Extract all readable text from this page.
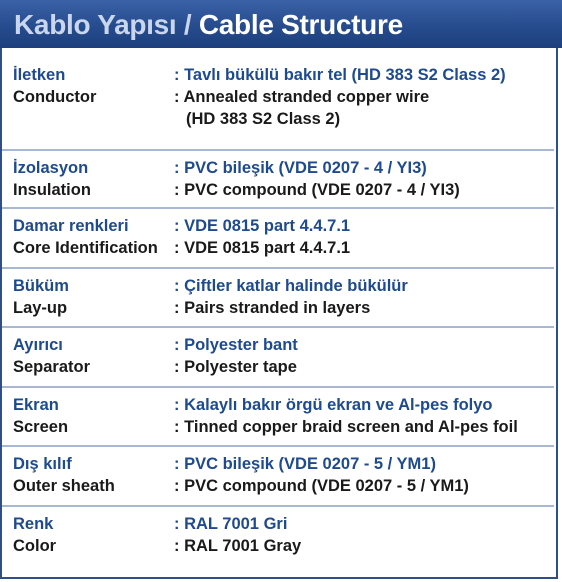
Kablo Yapısı / Cable Structure
İletken	: Tavlı bükülü bakır tel (HD 383 S2 Class 2)
Conductor	: Annealed stranded copper wire
(HD 383 S2 Class 2)
İzolasyon	: PVC bileşik (VDE 0207 - 4 / YI3)
Insulation	: PVC compound (VDE 0207 - 4 / YI3)
Damar renkleri	: VDE 0815 part 4.4.7.1
Core Identification : VDE 0815 part 4.4.7.1
Büküm	: Çiftler katlar halinde bükülür
Lay-up	: Pairs stranded in layers
Ayırıcı	: Polyester bant
Separator	: Polyester tape
Ekran	: Kalaylı bakır örgü ekran ve Al-pes folyo
Screen	: Tinned copper braid screen and Al-pes foil
Dış kılıf	: PVC bileşik (VDE 0207 - 5 / YM1)
Outer sheath	: PVC compound (VDE 0207 - 5 / YM1)
Renk	: RAL 7001 Gri
Color	: RAL 7001 Gray
